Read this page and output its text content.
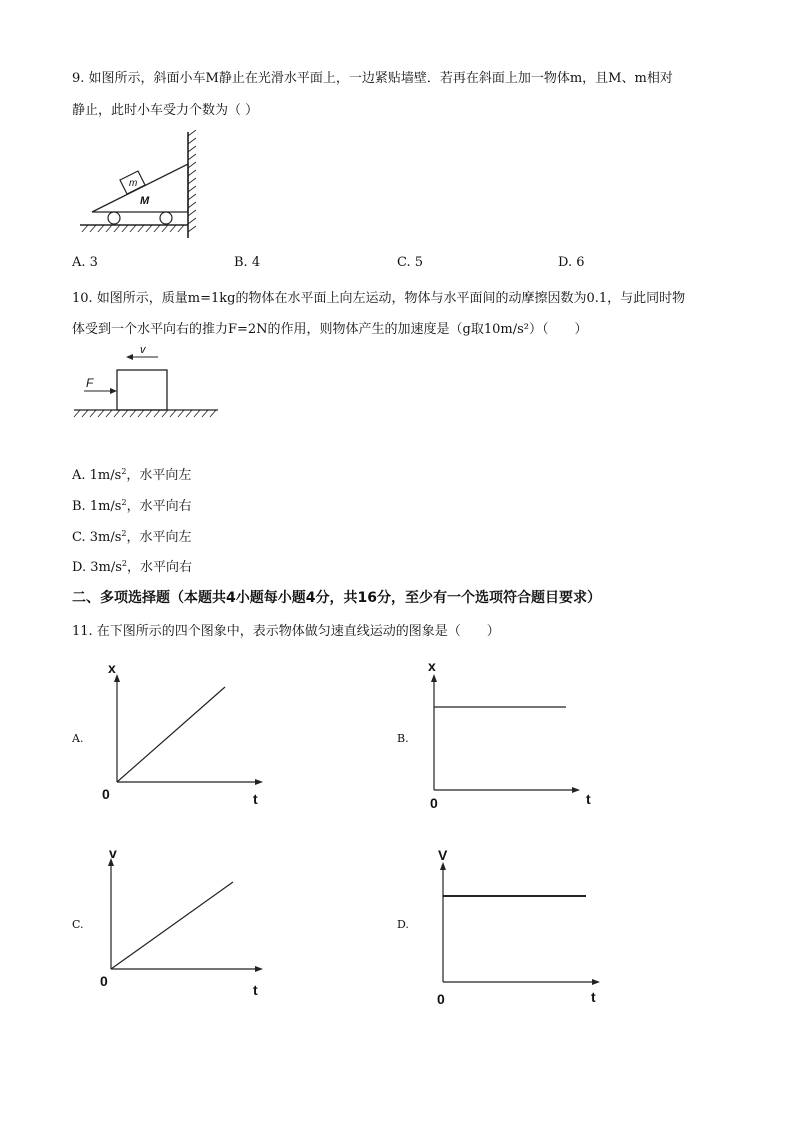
9. 如图所示，斜面小车M静止在光滑水平面上，一边紧贴墙壁．若再在斜面上加一物体m，且M、m相对
静止，此时小车受力个数为（ ）
m
M
A. 3	B. 4	C. 5	D. 6
10. 如图所示，质量m=1kg的物体在水平面上向左运动，物体与水平面间的动摩擦因数为0.1，与此同时物
体受到一个水平向右的推力F=2N的作用，则物体产生的加速度是（g取10m/s²）（　　）
v
F
A. $1m/s^2$，水平向左
B. $1m/s^2$，水平向右
C. $3m/s^2$，水平向左
D. $3m/s^2$，水平向右
二、多项选择题（本题共4小题每小题4分，共16分，至少有一个选项符合题目要求）
11. 在下图所示的四个图象中，表示物体做匀速直线运动的图象是（　　）
A.
x
t
0
B.
x
t
0
C.
v
t
0
D.
V
t
0
